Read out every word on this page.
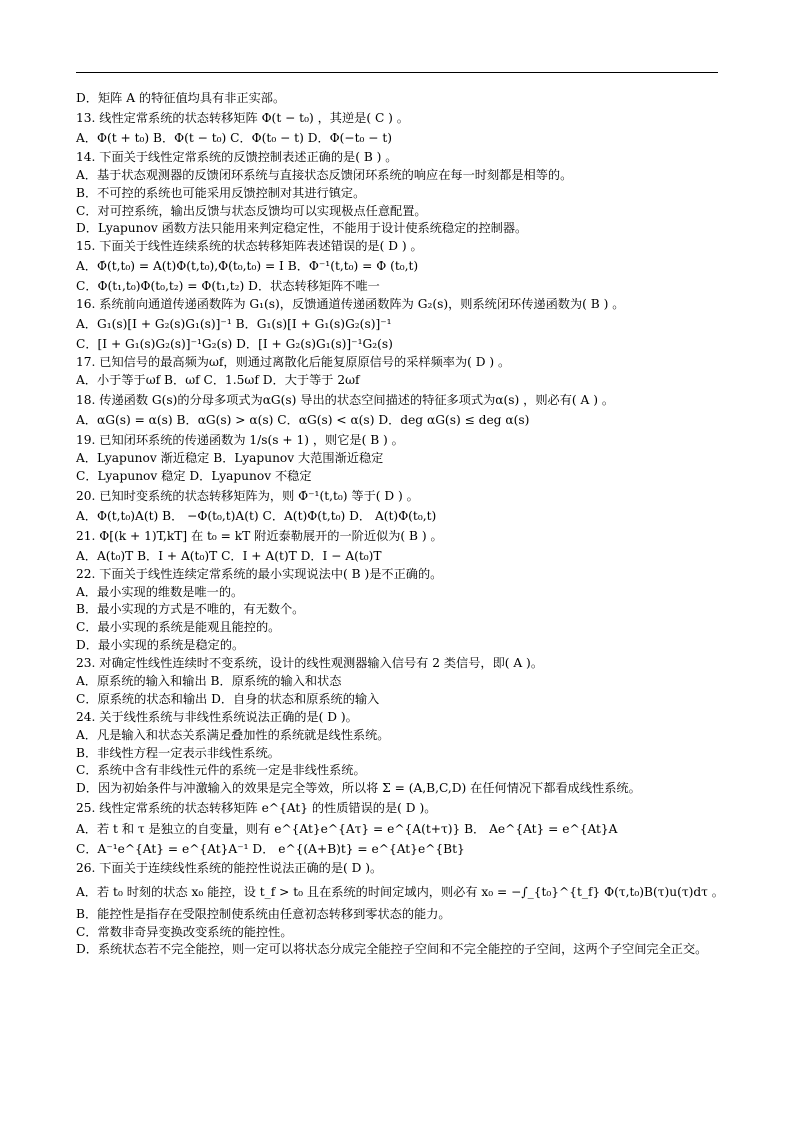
D．矩阵 A 的特征值均具有非正实部。
13. 线性定常系统的状态转移矩阵 Φ(t − t₀) ，其逆是( C ) 。
A．Φ(t + t₀) B．Φ(t − t₀) C．Φ(t₀ − t) D．Φ(−t₀ − t)
14. 下面关于线性定常系统的反馈控制表述正确的是( B ) 。
A．基于状态观测器的反馈闭环系统与直接状态反馈闭环系统的响应在每一时刻都是相等的。
B．不可控的系统也可能采用反馈控制对其进行镇定。
C．对可控系统，输出反馈与状态反馈均可以实现极点任意配置。
D．Lyapunov 函数方法只能用来判定稳定性，不能用于设计使系统稳定的控制器。
15. 下面关于线性连续系统的状态转移矩阵表述错误的是( D ) 。
A．Φ̇(t,t₀) = A(t)Φ(t,t₀),Φ(t₀,t₀) = I B．Φ⁻¹(t,t₀) = Φ (t₀,t)
C．Φ(t₁,t₀)Φ(t₀,t₂) = Φ(t₁,t₂) D．状态转移矩阵不唯一
16. 系统前向通道传递函数阵为 G₁(s)，反馈通道传递函数阵为 G₂(s)，则系统闭环传递函数为( B ) 。
A．G₁(s)[I + G₂(s)G₁(s)]⁻¹ B．G₁(s)[I + G₁(s)G₂(s)]⁻¹
C．[I + G₁(s)G₂(s)]⁻¹G₂(s) D．[I + G₂(s)G₁(s)]⁻¹G₂(s)
17. 已知信号的最高频为ωf，则通过离散化后能复原原信号的采样频率为( D ) 。
A．小于等于ωf B．ωf C．1.5ωf D．大于等于 2ωf
18. 传递函数 G(s)的分母多项式为αG(s) 导出的状态空间描述的特征多项式为α(s) ，则必有( A ) 。
A．αG(s) = α(s) B．αG(s) > α(s) C．αG(s) < α(s) D．deg αG(s) ≤ deg α(s)
19. 已知闭环系统的传递函数为 1/s(s + 1) ，则它是( B ) 。
A．Lyapunov 渐近稳定 B．Lyapunov 大范围渐近稳定
C．Lyapunov 稳定 D．Lyapunov 不稳定
20. 已知时变系统的状态转移矩阵为，则 Φ̇⁻¹(t,t₀) 等于( D ) 。
A．Φ(t,t₀)A(t) B． −Φ(t₀,t)A(t) C．A(t)Φ(t,t₀) D． A(t)Φ(t₀,t)
21. Φ[(k + 1)T,kT] 在 t₀ = kT 附近泰勒展开的一阶近似为( B ) 。
A．A(t₀)T B．I + A(t₀)T C．I + A(t)T D．I − A(t₀)T
22. 下面关于线性连续定常系统的最小实现说法中( B )是不正确的。
A．最小实现的维数是唯一的。
B．最小实现的方式是不唯的，有无数个。
C．最小实现的系统是能观且能控的。
D．最小实现的系统是稳定的。
23. 对确定性线性连续时不变系统，设计的线性观测器输入信号有 2 类信号，即( A )。
A．原系统的输入和输出 B．原系统的输入和状态
C．原系统的状态和输出 D．自身的状态和原系统的输入
24. 关于线性系统与非线性系统说法正确的是( D )。
A．凡是输入和状态关系满足叠加性的系统就是线性系统。
B．非线性方程一定表示非线性系统。
C．系统中含有非线性元件的系统一定是非线性系统。
D．因为初始条件与冲激输入的效果是完全等效，所以将 Σ = (A,B,C,D) 在任何情况下都看成线性系统。
25. 线性定常系统的状态转移矩阵 e^{At} 的性质错误的是( D )。
A．若 t 和 τ 是独立的自变量，则有 e^{At}e^{Aτ} = e^{A(t+τ)} B． Ae^{At} = e^{At}A
C．A⁻¹e^{At} = e^{At}A⁻¹ D． e^{(A+B)t} = e^{At}e^{Bt}
26. 下面关于连续线性系统的能控性说法正确的是( D )。
A．若 t₀ 时刻的状态 x₀ 能控，设 t_f > t₀ 且在系统的时间定域内，则必有 x₀ = −∫_{t₀}^{t_f} Φ(τ,t₀)B(τ)u(τ)dτ 。
B．能控性是指存在受限控制使系统由任意初态转移到零状态的能力。
C．常数非奇异变换改变系统的能控性。
D．系统状态若不完全能控，则一定可以将状态分成完全能控子空间和不完全能控的子空间，这两个子空间完全正交。
